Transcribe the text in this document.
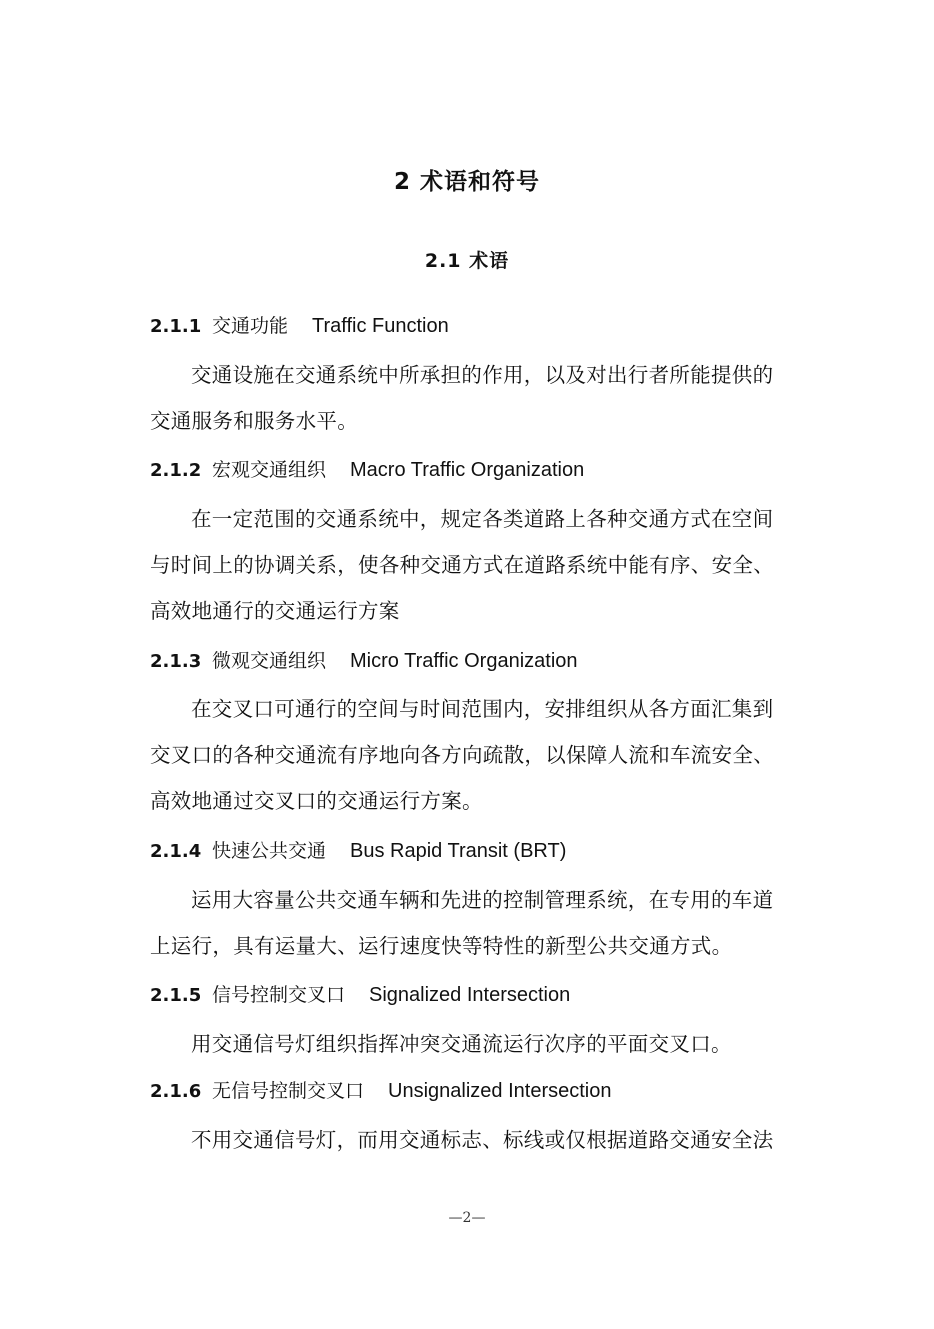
2 术语和符号
2.1 术语
2.1.1 交通功能 Traffic Function
交通设施在交通系统中所承担的作用，以及对出行者所能提供的
交通服务和服务水平。
2.1.2 宏观交通组织 Macro Traffic Organization
在一定范围的交通系统中，规定各类道路上各种交通方式在空间
与时间上的协调关系，使各种交通方式在道路系统中能有序、安全、
高效地通行的交通运行方案
2.1.3 微观交通组织 Micro Traffic Organization
在交叉口可通行的空间与时间范围内，安排组织从各方面汇集到
交叉口的各种交通流有序地向各方向疏散，以保障人流和车流安全、
高效地通过交叉口的交通运行方案。
2.1.4 快速公共交通 Bus Rapid Transit (BRT)
运用大容量公共交通车辆和先进的控制管理系统，在专用的车道
上运行，具有运量大、运行速度快等特性的新型公共交通方式。
2.1.5 信号控制交叉口 Signalized Intersection
用交通信号灯组织指挥冲突交通流运行次序的平面交叉口。
2.1.6 无信号控制交叉口 Unsignalized Intersection
不用交通信号灯，而用交通标志、标线或仅根据道路交通安全法
—2—
